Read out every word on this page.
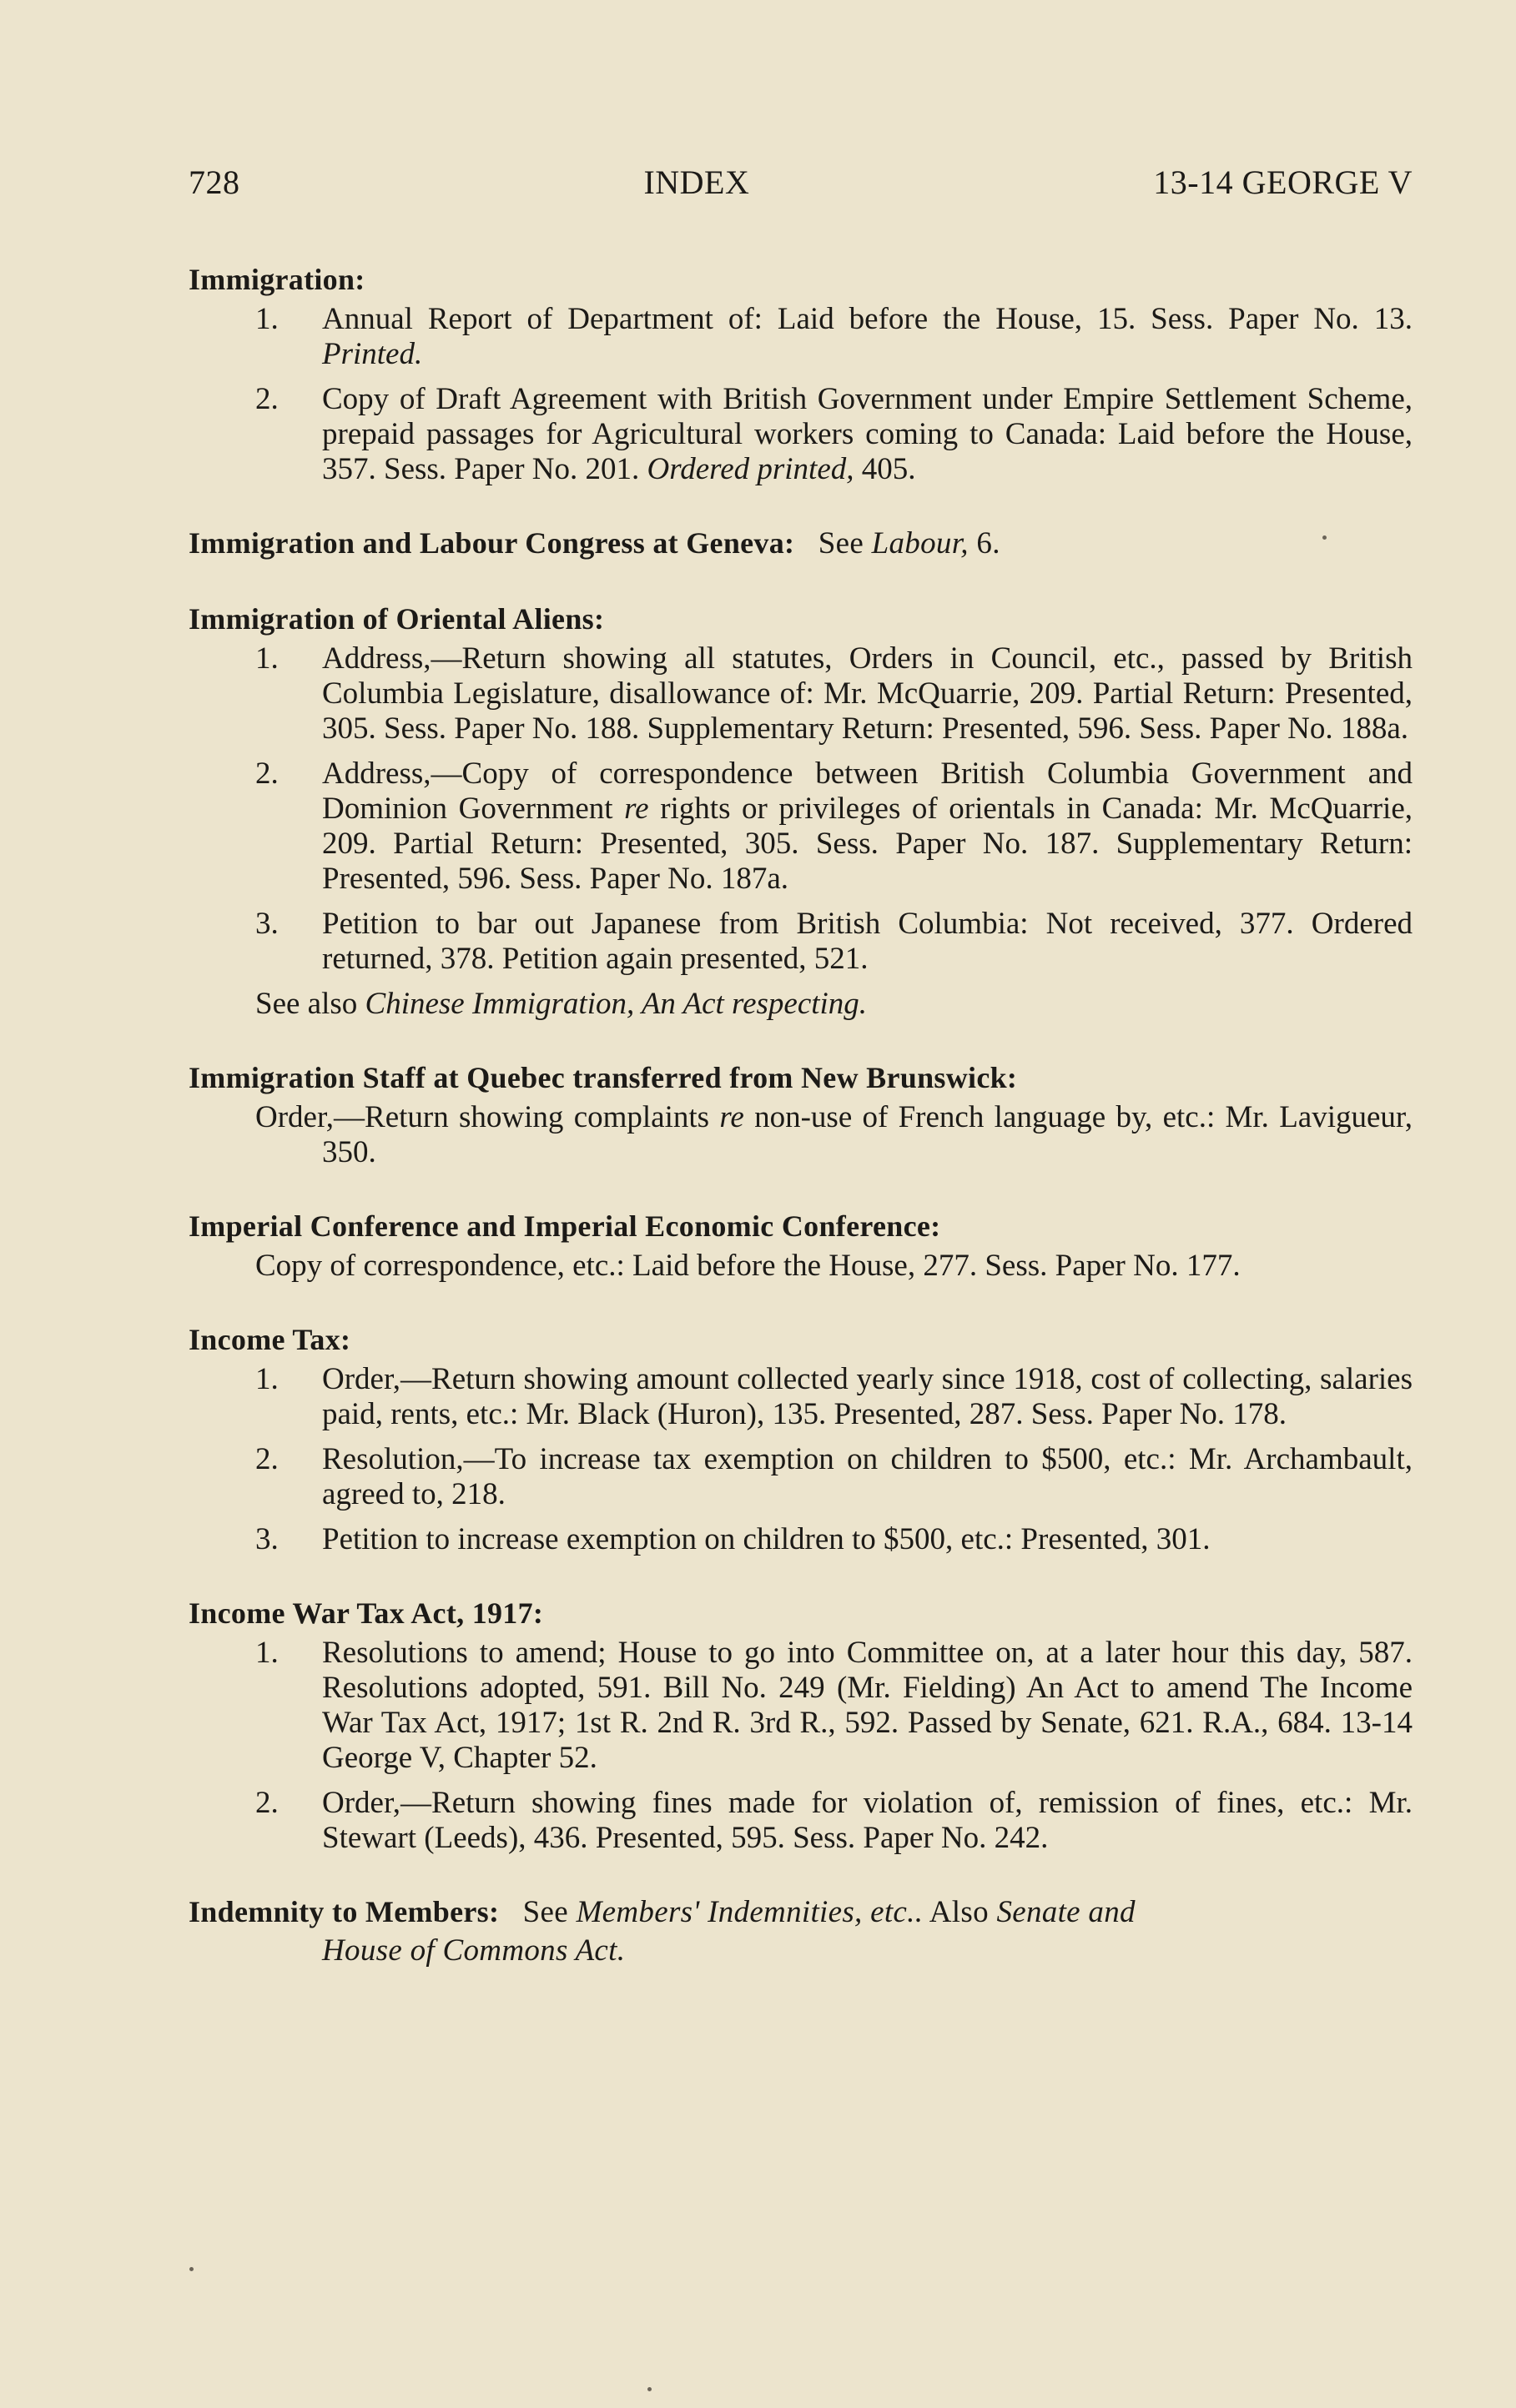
728	INDEX	13-14 GEORGE V
Immigration:
1. Annual Report of Department of: Laid before the House, 15. Sess. Paper No. 13. Printed.
2. Copy of Draft Agreement with British Government under Empire Settlement Scheme, prepaid passages for Agricultural workers coming to Canada: Laid before the House, 357. Sess. Paper No. 201. Ordered printed, 405.
Immigration and Labour Congress at Geneva: See Labour, 6.
Immigration of Oriental Aliens:
1. Address,—Return showing all statutes, Orders in Council, etc., passed by British Columbia Legislature, disallowance of: Mr. McQuarrie, 209. Partial Return: Presented, 305. Sess. Paper No. 188. Supplementary Return: Presented, 596. Sess. Paper No. 188a.
2. Address,—Copy of correspondence between British Columbia Government and Dominion Government re rights or privileges of orientals in Canada: Mr. McQuarrie, 209. Partial Return: Presented, 305. Sess. Paper No. 187. Supplementary Return: Presented, 596. Sess. Paper No. 187a.
3. Petition to bar out Japanese from British Columbia: Not received, 377. Ordered returned, 378. Petition again presented, 521.
See also Chinese Immigration, An Act respecting.
Immigration Staff at Quebec transferred from New Brunswick:
Order,—Return showing complaints re non-use of French language by, etc.: Mr. Lavigueur, 350.
Imperial Conference and Imperial Economic Conference:
Copy of correspondence, etc.: Laid before the House, 277. Sess. Paper No. 177.
Income Tax:
1. Order,—Return showing amount collected yearly since 1918, cost of collecting, salaries paid, rents, etc.: Mr. Black (Huron), 135. Presented, 287. Sess. Paper No. 178.
2. Resolution,—To increase tax exemption on children to $500, etc.: Mr. Archambault, agreed to, 218.
3. Petition to increase exemption on children to $500, etc.: Presented, 301.
Income War Tax Act, 1917:
1. Resolutions to amend; House to go into Committee on, at a later hour this day, 587. Resolutions adopted, 591. Bill No. 249 (Mr. Fielding) An Act to amend The Income War Tax Act, 1917; 1st R. 2nd R. 3rd R., 592. Passed by Senate, 621. R.A., 684. 13-14 George V, Chapter 52.
2. Order,—Return showing fines made for violation of, remission of fines, etc.: Mr. Stewart (Leeds), 436. Presented, 595. Sess. Paper No. 242.
Indemnity to Members: See Members' Indemnities, etc.. Also Senate and
House of Commons Act.
